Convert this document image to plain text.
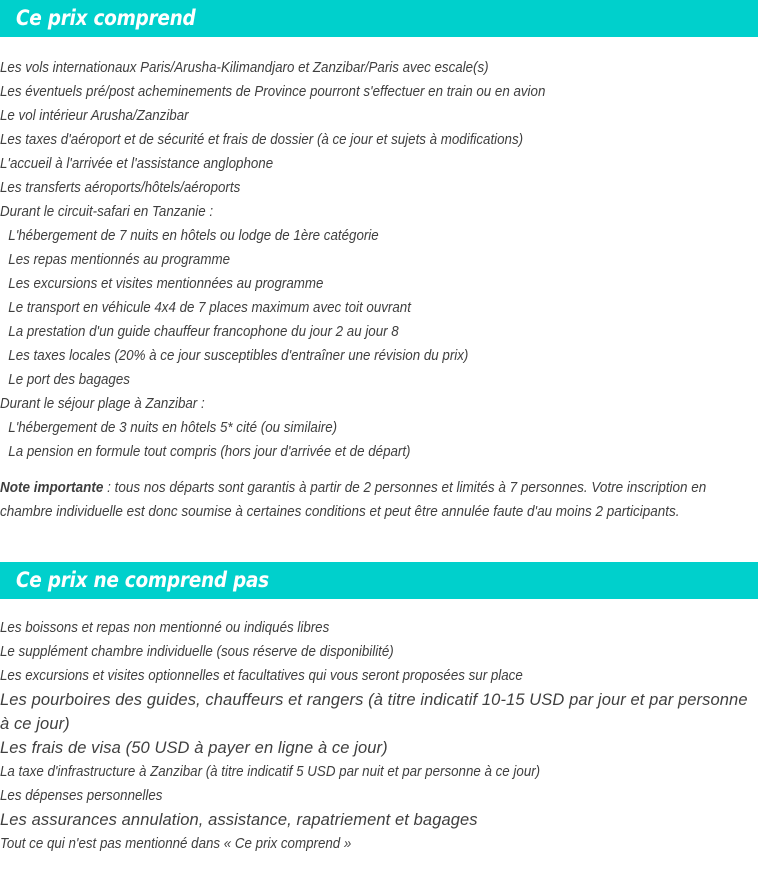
Ce prix comprend
Les vols internationaux Paris/Arusha-Kilimandjaro et Zanzibar/Paris avec escale(s)
Les éventuels pré/post acheminements de Province pourront s'effectuer en train ou en avion
Le vol intérieur Arusha/Zanzibar
Les taxes d'aéroport et de sécurité et frais de dossier (à ce jour et sujets à modifications)
L'accueil à l'arrivée et l'assistance anglophone
Les transferts aéroports/hôtels/aéroports
Durant le circuit-safari en Tanzanie :
L'hébergement de 7 nuits en hôtels ou lodge de 1ère catégorie
Les repas mentionnés au programme
Les excursions et visites mentionnées au programme
Le transport en véhicule 4x4 de 7 places maximum avec toit ouvrant
La prestation d'un guide chauffeur francophone du jour 2 au jour 8
Les taxes locales (20% à ce jour susceptibles d'entraîner une révision du prix)
Le port des bagages
Durant le séjour plage à Zanzibar :
L'hébergement de 3 nuits en hôtels 5* cité (ou similaire)
La pension en formule tout compris (hors jour d'arrivée et de départ)
Note importante : tous nos départs sont garantis à partir de 2 personnes et limités à 7 personnes. Votre inscription en chambre individuelle est donc soumise à certaines conditions et peut être annulée faute d'au moins 2 participants.
Ce prix ne comprend pas
Les boissons et repas non mentionné ou indiqués libres
Le supplément chambre individuelle (sous réserve de disponibilité)
Les excursions et visites optionnelles et facultatives qui vous seront proposées sur place
Les pourboires des guides, chauffeurs et rangers (à titre indicatif 10-15 USD par jour et par personne à ce jour)
Les frais de visa (50 USD à payer en ligne à ce jour)
La taxe d'infrastructure à Zanzibar (à titre indicatif 5 USD par nuit et par personne à ce jour)
Les dépenses personnelles
Les assurances annulation, assistance, rapatriement et bagages
Tout ce qui n'est pas mentionné dans « Ce prix comprend »
